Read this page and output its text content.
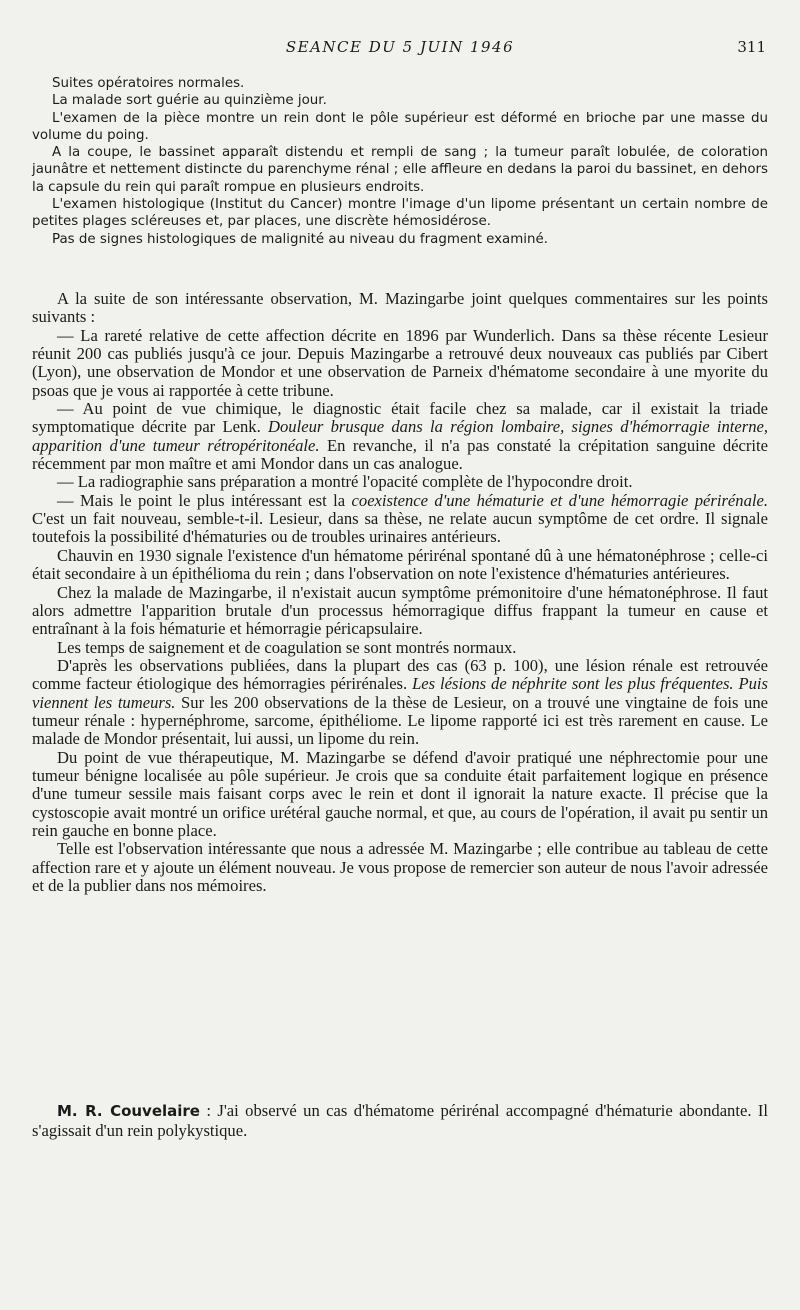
SEANCE DU 5 JUIN 1946	311

Suites opératoires normales.

La malade sort guérie au quinzième jour.

L'examen de la pièce montre un rein dont le pôle supérieur est déformé en brioche par une masse du volume du poing.

A la coupe, le bassinet apparaît distendu et rempli de sang ; la tumeur paraît lobulée, de coloration jaunâtre et nettement distincte du parenchyme rénal ; elle affleure en dedans la paroi du bassinet, en dehors la capsule du rein qui paraît rompue en plusieurs endroits.

L'examen histologique (Institut du Cancer) montre l'image d'un lipome présentant un certain nombre de petites plages scléreuses et, par places, une discrète hémosidérose.

Pas de signes histologiques de malignité au niveau du fragment examiné.

A la suite de son intéressante observation, M. Mazingarbe joint quelques commentaires sur les points suivants :

— La rareté relative de cette affection décrite en 1896 par Wunderlich. Dans sa thèse récente Lesieur réunit 200 cas publiés jusqu'à ce jour. Depuis Mazingarbe a retrouvé deux nouveaux cas publiés par Cibert (Lyon), une observation de Mondor et une observation de Parneix d'hématome secondaire à une myorite du psoas que je vous ai rapportée à cette tribune.

— Au point de vue chimique, le diagnostic était facile chez sa malade, car il existait la triade symptomatique décrite par Lenk. Douleur brusque dans la région lombaire, signes d'hémorragie interne, apparition d'une tumeur rétropéritonéale. En revanche, il n'a pas constaté la crépitation sanguine décrite récemment par mon maître et ami Mondor dans un cas analogue.

— La radiographie sans préparation a montré l'opacité complète de l'hypocondre droit.

— Mais le point le plus intéressant est la coexistence d'une hématurie et d'une hémorragie périrénale. C'est un fait nouveau, semble-t-il. Lesieur, dans sa thèse, ne relate aucun symptôme de cet ordre. Il signale toutefois la possibilité d'hématuries ou de troubles urinaires antérieurs.

Chauvin en 1930 signale l'existence d'un hématome périrénal spontané dû à une hématonéphrose ; celle-ci était secondaire à un épithélioma du rein ; dans l'observation on note l'existence d'hématuries antérieures.

Chez la malade de Mazingarbe, il n'existait aucun symptôme prémonitoire d'une hématonéphrose. Il faut alors admettre l'apparition brutale d'un processus hémorragique diffus frappant la tumeur en cause et entraînant à la fois hématurie et hémorragie péricapsulaire.

Les temps de saignement et de coagulation se sont montrés normaux.

D'après les observations publiées, dans la plupart des cas (63 p. 100), une lésion rénale est retrouvée comme facteur étiologique des hémorragies périrénales. Les lésions de néphrite sont les plus fréquentes. Puis viennent les tumeurs. Sur les 200 observations de la thèse de Lesieur, on a trouvé une vingtaine de fois une tumeur rénale : hypernéphrome, sarcome, épithéliome. Le lipome rapporté ici est très rarement en cause. Le malade de Mondor présentait, lui aussi, un lipome du rein.

Du point de vue thérapeutique, M. Mazingarbe se défend d'avoir pratiqué une néphrectomie pour une tumeur bénigne localisée au pôle supérieur. Je crois que sa conduite était parfaitement logique en présence d'une tumeur sessile mais faisant corps avec le rein et dont il ignorait la nature exacte. Il précise que la cystoscopie avait montré un orifice urétéral gauche normal, et que, au cours de l'opération, il avait pu sentir un rein gauche en bonne place.

Telle est l'observation intéressante que nous a adressée M. Mazingarbe ; elle contribue au tableau de cette affection rare et y ajoute un élément nouveau. Je vous propose de remercier son auteur de nous l'avoir adressée et de la publier dans nos mémoires.

M. R. Couvelaire : J'ai observé un cas d'hématome périrénal accompagné d'hématurie abondante. Il s'agissait d'un rein polykystique.
